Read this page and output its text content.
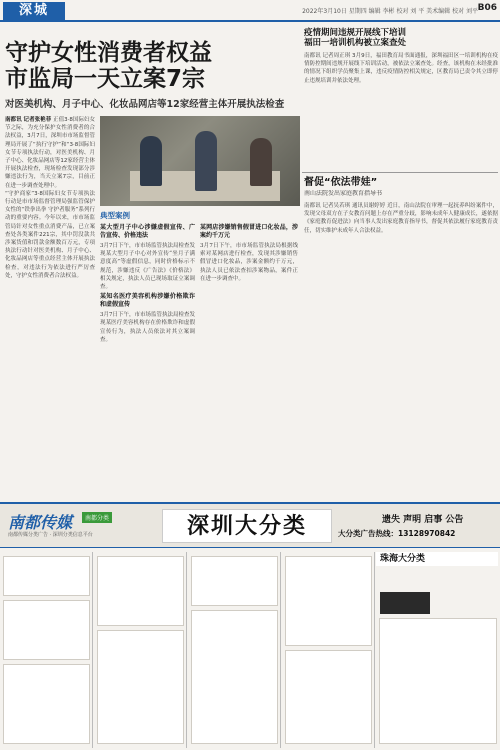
深城	2022年3月10日 星期四 编辑 李彬 校对 刘 平 美术编辑 校对 刘平 B06
守护女性消费者权益
市监局一天立案7宗
对医美机构、月子中心、化妆品网店等12家经营主体开展执法检查
南都讯 记者张艳菲 正值3·8国际妇女节之际，为充分保护女性消费者的合法权益，3月7日，深圳市市场监督管理局开展了“执行守护”和“3·8国际妇女节专项执法行动，对医美机构、月子中心、化妆品网店等12家经营主体开展执法检查，现场检查发现部分涉嫌违法行为，当天立案7宗，目前正在进一步调查处理中。
“守护商家”3·8国际妇女节专项执法行动是市市场监督管理局强监管保护女性的“铁拳出拳 守护者服务”系列行动的重要内容。今年以来，市市场监管局针对女性重点消费产品，已立案查处各类案件221宗，其中罚没款共涉案货值和罚款金额数百万元，专项执法行动针对医美机构、月子中心、化妆品网店等重点经营主体开展执法检查，对违法行为依法进行严厉查处，守护女性消费者合法权益。
典型案例
某大型月子中心涉嫌虚假宣传、广告宣传、价格违法
3月7日下午，市市场监管执法局检查发现某大型月子中心对外宣传“坐月子满意度高”等虚假信息，同时价格标示不规范，涉嫌违反《广告法》《价格法》相关规定，执法人员已现场取证立案调查。
某知名医疗美容机构涉嫌价格欺诈和虚假宣传
3月7日下午，市市场监管执法局检查发现某医疗美容机构存在价格欺诈和虚假宣传行为，执法人员依法对其立案调查。
某网店涉嫌销售假冒进口化妆品，涉案约千万元
3月7日下午，市市场监管执法局根据线索对某网店进行检查，发现其涉嫌销售假冒进口化妆品，涉案金额约千万元，执法人员已依法查扣涉案物品，案件正在进一步调查中。
疫情期间违规开展线下培训
福田一培训机构被立案查处
南都讯 记者周正琪 3月9日，福田教育局书面通报，深圳福田区一培训机构在疫情防控期间违规开展线下培训活动，被依法立案查处。经查，该机构在未经批准的情况下组织学员聚集上课，违反疫情防控相关规定，区教育局已责令其立即停止违规培训并依法处理。
督促“依法带娃”
南山法院发出家庭教育指导书
南都讯 记者吴若琪 通讯员谢婷婷 近日，南山法院在审理一起抚养纠纷案件中，发现父母双方在子女教育问题上存在严重分歧，影响未成年人健康成长，遂依据《家庭教育促进法》向当事人发出家庭教育指导书，督促其依法履行家庭教育责任，切实维护未成年人合法权益。
南都传媒	南都分类
南都传媒分类广告 · 深圳分类信息平台	深圳大分类	遗失 声明 启事 公告
大分类广告热线：13128970842
珠海大分类
